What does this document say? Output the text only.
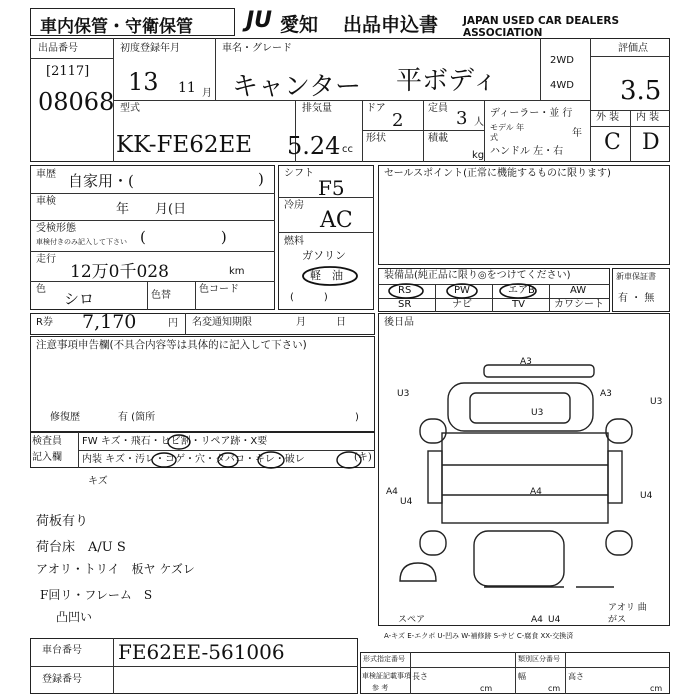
車内保管・守衛保管 JU 愛知 出品申込書 JAPAN USED CAR DEALERS ASSOCIATION
出品番号
[2117]
08068
初度登録年月
13 11 月
車名・グレード
キャンター 平ボディ
2WD
4WD
評価点
3.5
外 装 内 装
C D
型式
KK-FE62EE
排気量
5.24 cc
ドア
2
定員 3 人
形状	積載
kg
ディーラー・並 行
モデル 年式	年
ハンドル 左・右
車歴 自家用・(	)
車検
年　　月(日
受検形態
車検付きのみ記入して下さい (　　　　　)
走行
12万0千028	km
色
シロ	色替
色コード
シフト
F5
冷房
AC
燃料
ガソリン
軽　油
(　　　)
セールスポイント(正常に機能するものに限ります)
装備品(純正品に限り◎をつけてください)
RS	PW	エアB	AW
SR	ナビ	TV	カワシート
新車保証書
有 ・ 無
R券 7,170	円 名変通知期限	月　　　日	後日品
注意事項申告欄(不具合内容等は具体的に記入して下さい)
修復歴	有 (箇所	)
検査員
記入欄
FW キズ・飛石・ヒビ割・リペア跡・X要
内装 キズ・汚レ・コゲ・穴・タバコ・キレ・破レ
キズ
(キ)
荷板有り
荷台床　A/U S
アオリ・トリイ　板ヤ ケズレ
F回リ・フレーム　S
凸凹い
A3
U3
U3
A3
U3
A4
U4
A4	U4
A4 U4
アオリ 曲がス
スペア
A-キズ E-エクボ U-凹み W-補修跡 S-サビ C-腐食 XX-交換済
車台番号 FE62EE-561006
登録番号
形式指定番号	類別区分番号
車検証記載事項
参 考
長さ
cm
幅
cm
高さ
cm
